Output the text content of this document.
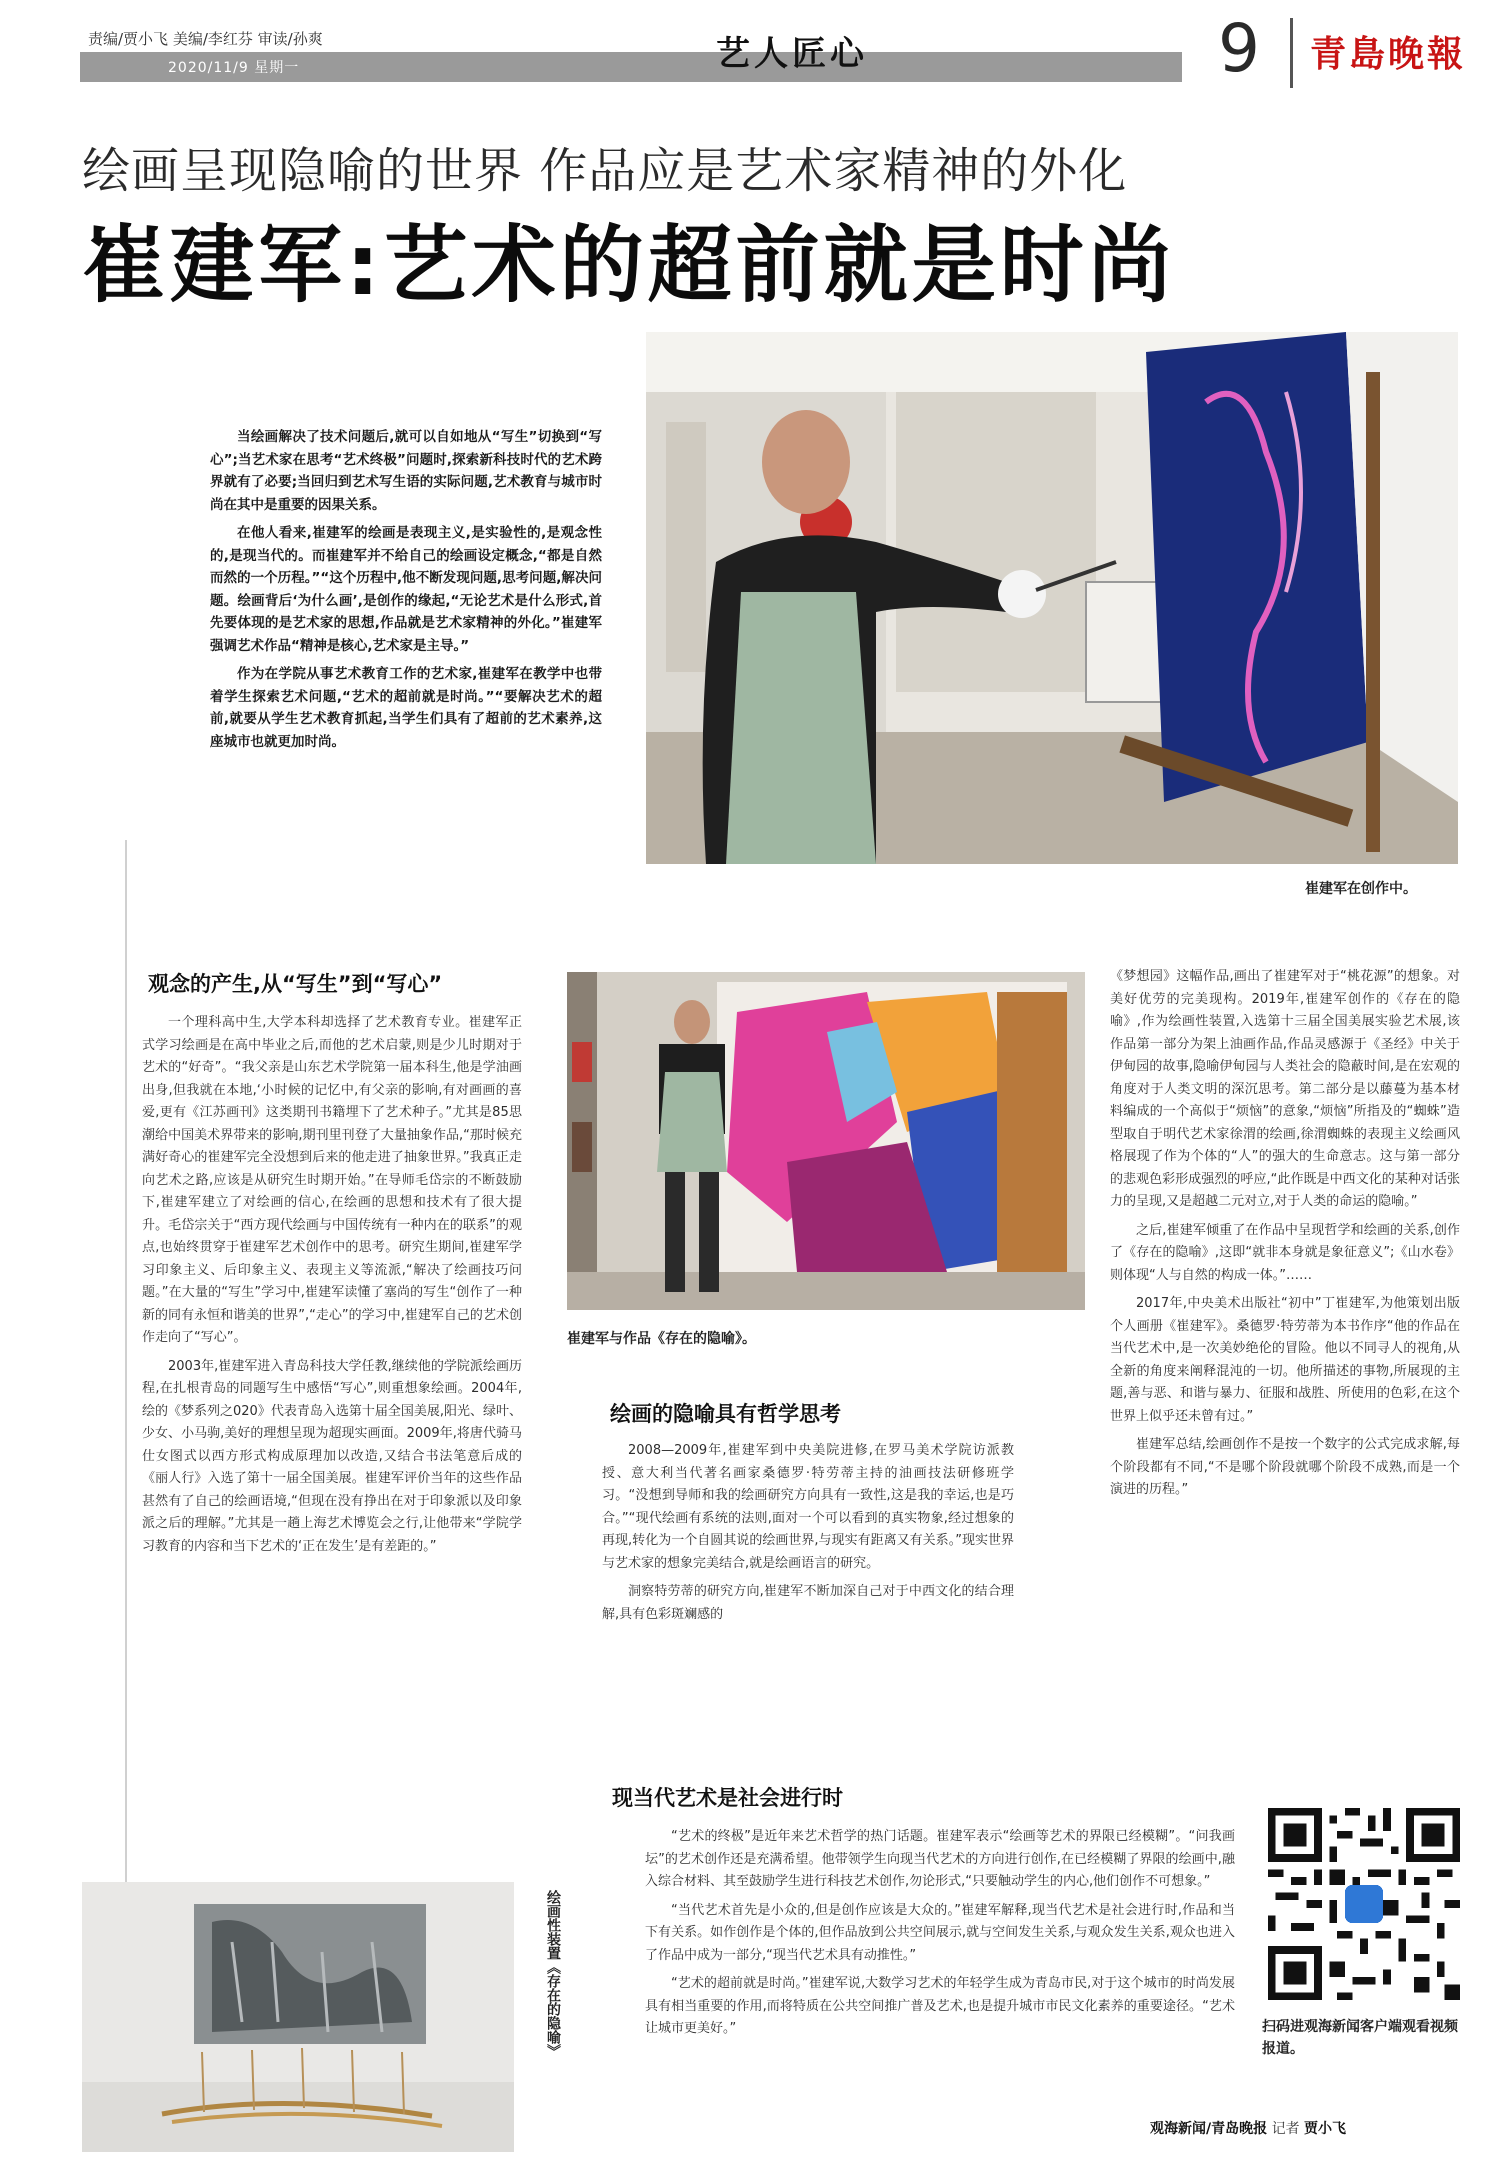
责编/贾小飞 美编/李红芬 审读/孙爽
2020/11/9 星期一	艺人匠心	9 青島晚報
绘画呈现隐喻的世界 作品应是艺术家精神的外化
崔建军:艺术的超前就是时尚

当绘画解决了技术问题后,就可以自如地从“写生”切换到“写心”;当艺术家在思考“艺术终极”问题时,探索新科技时代的艺术跨界就有了必要;当回归到艺术写生语的实际问题,艺术教育与城市时尚在其中是重要的因果关系。

在他人看来,崔建军的绘画是表现主义,是实验性的,是观念性的,是现当代的。而崔建军并不给自己的绘画设定概念,“都是自然而然的一个历程。”“这个历程中,他不断发现问题,思考问题,解决问题。绘画背后‘为什么画’,是创作的缘起,“无论艺术是什么形式,首先要体现的是艺术家的思想,作品就是艺术家精神的外化。”崔建军强调艺术作品“精神是核心,艺术家是主导。”

作为在学院从事艺术教育工作的艺术家,崔建军在教学中也带着学生探索艺术问题,“艺术的超前就是时尚。”“要解决艺术的超前,就要从学生艺术教育抓起,当学生们具有了超前的艺术素养,这座城市也就更加时尚。

崔建军在创作中。
观念的产生,从“写生”到“写心”

一个理科高中生,大学本科却选择了艺术教育专业。崔建军正式学习绘画是在高中毕业之后,而他的艺术启蒙,则是少儿时期对于艺术的“好奇”。“我父亲是山东艺术学院第一届本科生,他是学油画出身,但我就在本地,‘小时候的记忆中,有父亲的影响,有对画画的喜爱,更有《江苏画刊》这类期刊书籍埋下了艺术种子。”尤其是85思潮给中国美术界带来的影响,期刊里刊登了大量抽象作品,“那时候充满好奇心的崔建军完全没想到后来的他走进了抽象世界。”我真正走向艺术之路,应该是从研究生时期开始。”在导师毛岱宗的不断鼓励下,崔建军建立了对绘画的信心,在绘画的思想和技术有了很大提升。毛岱宗关于“西方现代绘画与中国传统有一种内在的联系”的观点,也始终贯穿于崔建军艺术创作中的思考。研究生期间,崔建军学习印象主义、后印象主义、表现主义等流派,“解决了绘画技巧问题。”在大量的“写生”学习中,崔建军读懂了塞尚的写生“创作了一种新的同有永恒和谐美的世界”,“走心”的学习中,崔建军自己的艺术创作走向了“写心”。

2003年,崔建军进入青岛科技大学任教,继续他的学院派绘画历程,在扎根青岛的同题写生中感悟“写心”,则重想象绘画。2004年,绘的《梦系列之020》代表青岛入选第十届全国美展,阳光、绿叶、少女、小马驹,美好的理想呈现为超现实画面。2009年,将唐代骑马仕女图式以西方形式构成原理加以改造,又结合书法笔意后成的《丽人行》入选了第十一届全国美展。崔建军评价当年的这些作品甚然有了自己的绘画语境,“但现在没有挣出在对于印象派以及印象派之后的理解。”尤其是一趟上海艺术博览会之行,让他带来“学院学习教育的内容和当下艺术的‘正在发生’是有差距的。”

崔建军与作品《存在的隐喻》。
绘画的隐喻具有哲学思考

2008—2009年,崔建军到中央美院进修,在罗马美术学院访派教授、意大利当代著名画家桑德罗·特劳蒂主持的油画技法研修班学习。“没想到导师和我的绘画研究方向具有一致性,这是我的幸运,也是巧合。”“现代绘画有系统的法则,面对一个可以看到的真实物象,经过想象的再现,转化为一个自圆其说的绘画世界,与现实有距离又有关系。”现实世界与艺术家的想象完美结合,就是绘画语言的研究。

洞察特劳蒂的研究方向,崔建军不断加深自己对于中西文化的结合理解,具有色彩斑斓感的

《梦想园》这幅作品,画出了崔建军对于“桃花源”的想象。对美好优劳的完美现构。2019年,崔建军创作的《存在的隐喻》,作为绘画性装置,入选第十三届全国美展实验艺术展,该作品第一部分为架上油画作品,作品灵感源于《圣经》中关于伊甸园的故事,隐喻伊甸园与人类社会的隐蔽时间,是在宏观的角度对于人类文明的深沉思考。第二部分是以藤蔓为基本材料编成的一个高似于“烦恼”的意象,“烦恼”所指及的“蜘蛛”造型取自于明代艺术家徐渭的绘画,徐渭蜘蛛的表现主义绘画风格展现了作为个体的“人”的强大的生命意志。这与第一部分的悲观色彩形成强烈的呼应,“此作既是中西文化的某种对话张力的呈现,又是超越二元对立,对于人类的命运的隐喻。”

之后,崔建军倾重了在作品中呈现哲学和绘画的关系,创作了《存在的隐喻》,这即“就非本身就是象征意义”;《山水卷》则体现“人与自然的构成一体。”……

2017年,中央美术出版社“初中”丁崔建军,为他策划出版个人画册《崔建军》。桑德罗·特劳蒂为本书作序“他的作品在当代艺术中,是一次美妙绝伦的冒险。他以不同寻人的视角,从全新的角度来阐释混沌的一切。他所描述的事物,所展现的主题,善与恶、和谐与暴力、征服和战胜、所使用的色彩,在这个世界上似乎还未曾有过。”

崔建军总结,绘画创作不是按一个数字的公式完成求解,每个阶段都有不同,“不是哪个阶段就哪个阶段不成熟,而是一个演进的历程。”

现当代艺术是社会进行时

“艺术的终极”是近年来艺术哲学的热门话题。崔建军表示“绘画等艺术的界限已经模糊”。“问我画坛”的艺术创作还是充满希望。他带领学生向现当代艺术的方向进行创作,在已经模糊了界限的绘画中,融入综合材料、其至鼓励学生进行科技艺术创作,勿论形式,“只要触动学生的内心,他们创作不可想象。”

“当代艺术首先是小众的,但是创作应该是大众的。”崔建军解释,现当代艺术是社会进行时,作品和当下有关系。如作创作是个体的,但作品放到公共空间展示,就与空间发生关系,与观众发生关系,观众也进入了作品中成为一部分,“现当代艺术具有动推性。”

“艺术的超前就是时尚。”崔建军说,大数学习艺术的年轻学生成为青岛市民,对于这个城市的时尚发展具有相当重要的作用,而将特质在公共空间推广普及艺术,也是提升城市市民文化素养的重要途径。“艺术让城市更美好。”	扫码进观海新闻客户端观看视频报道。
绘画性装置《存在的隐喻》
观海新闻/青岛晚报 记者 贾小飞
